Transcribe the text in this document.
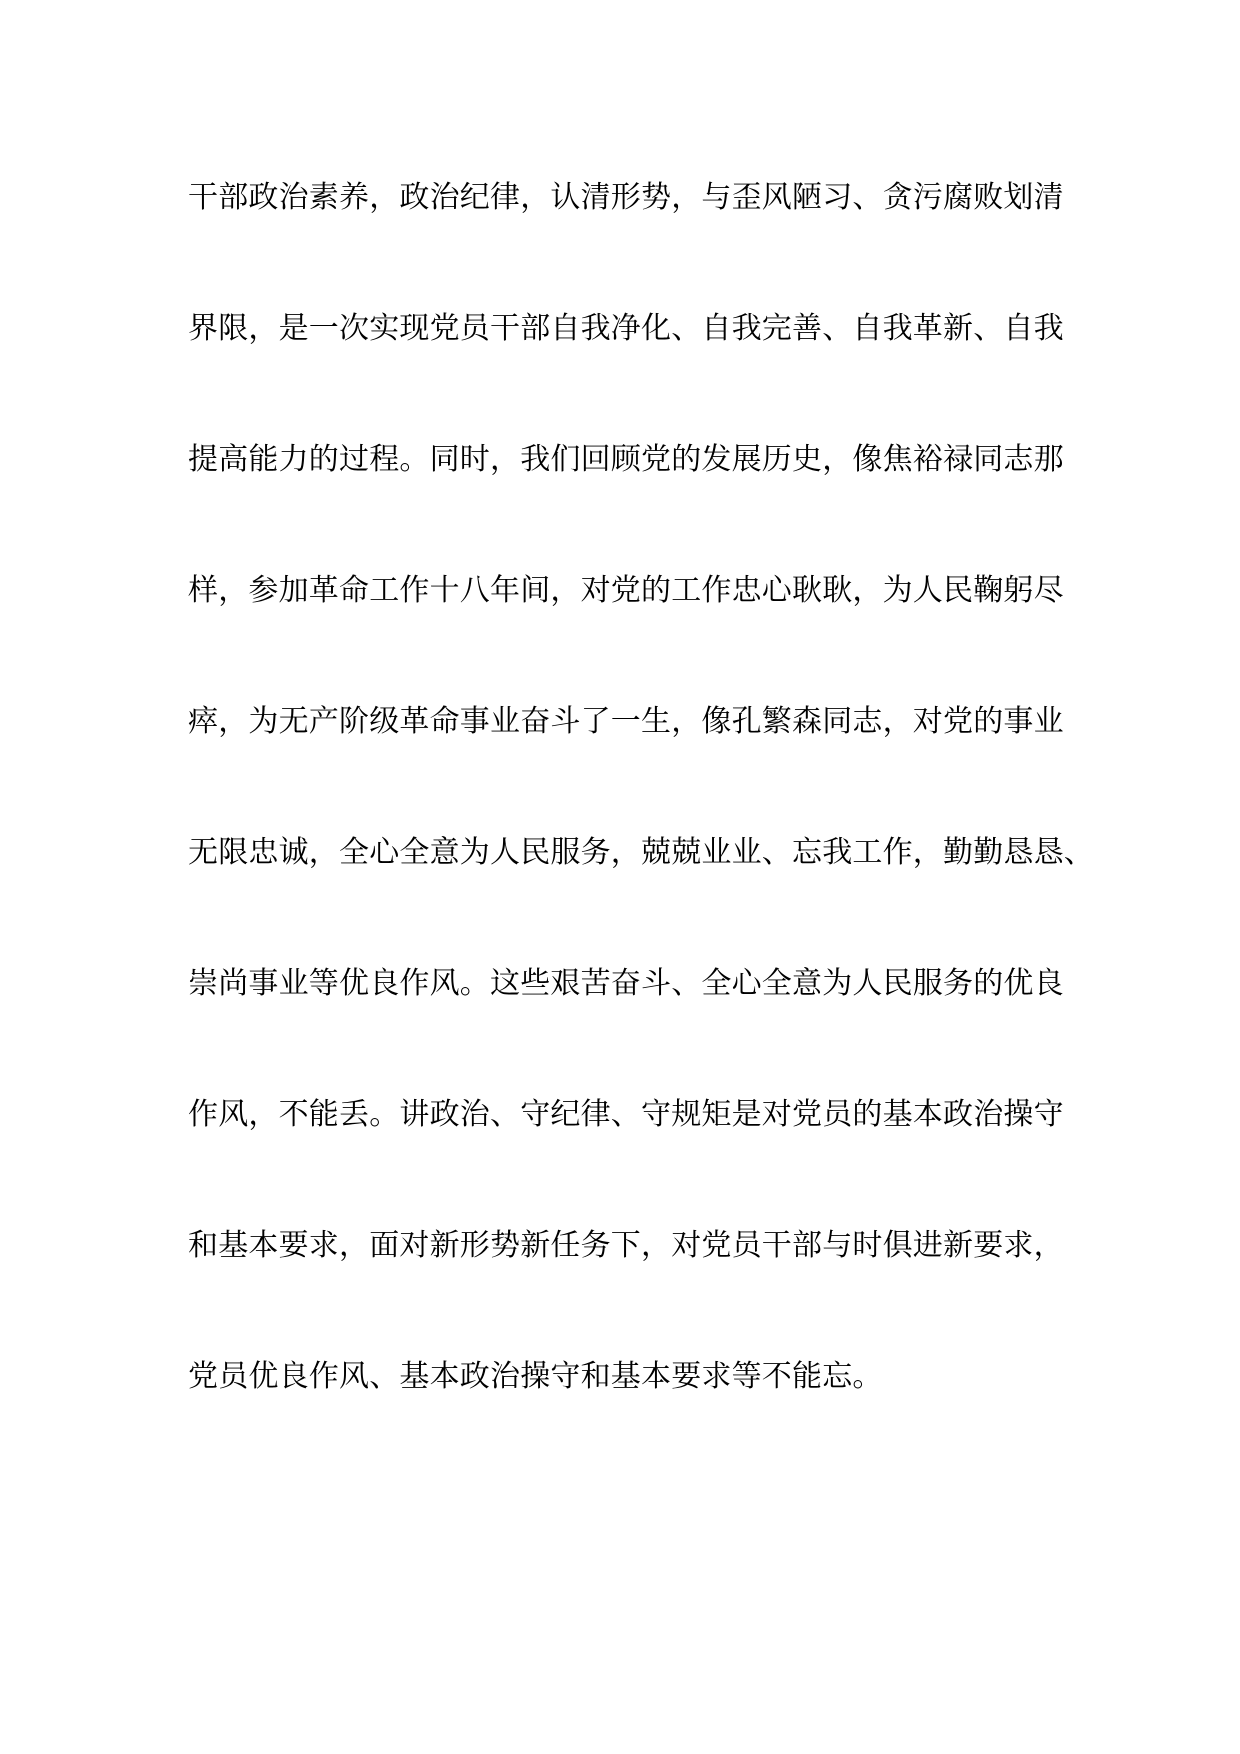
干部政治素养，政治纪律，认清形势，与歪风陋习、贪污腐败划清
界限，是一次实现党员干部自我净化、自我完善、自我革新、自我
提高能力的过程。同时，我们回顾党的发展历史，像焦裕禄同志那
样，参加革命工作十八年间，对党的工作忠心耿耿，为人民鞠躬尽
瘁，为无产阶级革命事业奋斗了一生，像孔繁森同志，对党的事业
无限忠诚，全心全意为人民服务，兢兢业业、忘我工作，勤勤恳恳、
崇尚事业等优良作风。这些艰苦奋斗、全心全意为人民服务的优良
作风，不能丢。讲政治、守纪律、守规矩是对党员的基本政治操守
和基本要求，面对新形势新任务下，对党员干部与时俱进新要求，
党员优良作风、基本政治操守和基本要求等不能忘。
